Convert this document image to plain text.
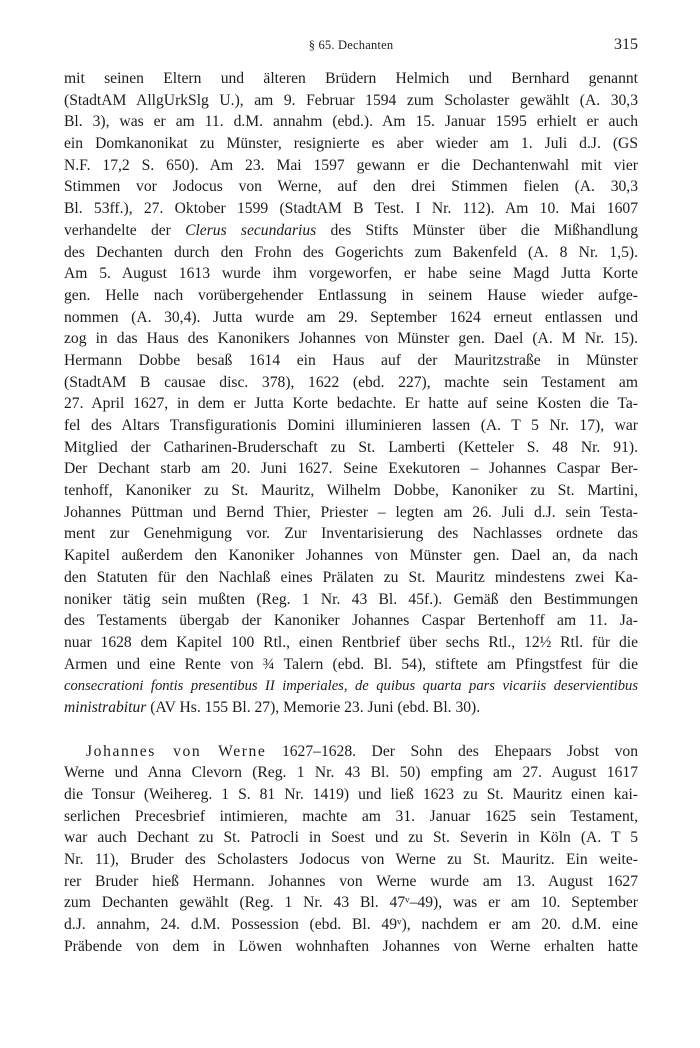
§ 65. Dechanten	315
mit seinen Eltern und älteren Brüdern Helmich und Bernhard genannt
(StadtAM AllgUrkSlg U.), am 9. Februar 1594 zum Scholaster gewählt (A. 30,3
Bl. 3), was er am 11. d.M. annahm (ebd.). Am 15. Januar 1595 erhielt er auch
ein Domkanonikat zu Münster, resignierte es aber wieder am 1. Juli d.J. (GS
N.F. 17,2 S. 650). Am 23. Mai 1597 gewann er die Dechantenwahl mit vier
Stimmen vor Jodocus von Werne, auf den drei Stimmen fielen (A. 30,3
Bl. 53ff.), 27. Oktober 1599 (StadtAM B Test. I Nr. 112). Am 10. Mai 1607
verhandelte der Clerus secundarius des Stifts Münster über die Mißhandlung
des Dechanten durch den Frohn des Gogerichts zum Bakenfeld (A. 8 Nr. 1,5).
Am 5. August 1613 wurde ihm vorgeworfen, er habe seine Magd Jutta Korte
gen. Helle nach vorübergehender Entlassung in seinem Hause wieder aufge-
nommen (A. 30,4). Jutta wurde am 29. September 1624 erneut entlassen und
zog in das Haus des Kanonikers Johannes von Münster gen. Dael (A. M Nr. 15).
Hermann Dobbe besaß 1614 ein Haus auf der Mauritzstraße in Münster
(StadtAM B causae disc. 378), 1622 (ebd. 227), machte sein Testament am
27. April 1627, in dem er Jutta Korte bedachte. Er hatte auf seine Kosten die Ta-
fel des Altars Transfigurationis Domini illuminieren lassen (A. T 5 Nr. 17), war
Mitglied der Catharinen-Bruderschaft zu St. Lamberti (Ketteler S. 48 Nr. 91).
Der Dechant starb am 20. Juni 1627. Seine Exekutoren – Johannes Caspar Ber-
tenhoff, Kanoniker zu St. Mauritz, Wilhelm Dobbe, Kanoniker zu St. Martini,
Johannes Püttman und Bernd Thier, Priester – legten am 26. Juli d.J. sein Testa-
ment zur Genehmigung vor. Zur Inventarisierung des Nachlasses ordnete das
Kapitel außerdem den Kanoniker Johannes von Münster gen. Dael an, da nach
den Statuten für den Nachlaß eines Prälaten zu St. Mauritz mindestens zwei Ka-
noniker tätig sein mußten (Reg. 1 Nr. 43 Bl. 45f.). Gemäß den Bestimmungen
des Testaments übergab der Kanoniker Johannes Caspar Bertenhoff am 11. Ja-
nuar 1628 dem Kapitel 100 Rtl., einen Rentbrief über sechs Rtl., 12½ Rtl. für die
Armen und eine Rente von ¾ Talern (ebd. Bl. 54), stiftete am Pfingstfest für die
consecrationi fontis presentibus II imperiales, de quibus quarta pars vicariis deservientibus
ministrabitur (AV Hs. 155 Bl. 27), Memorie 23. Juni (ebd. Bl. 30).
Johannes von Werne 1627–1628. Der Sohn des Ehepaars Jobst von
Werne und Anna Clevorn (Reg. 1 Nr. 43 Bl. 50) empfing am 27. August 1617
die Tonsur (Weihereg. 1 S. 81 Nr. 1419) und ließ 1623 zu St. Mauritz einen kai-
serlichen Precesbrief intimieren, machte am 31. Januar 1625 sein Testament,
war auch Dechant zu St. Patrocli in Soest und zu St. Severin in Köln (A. T 5
Nr. 11), Bruder des Scholasters Jodocus von Werne zu St. Mauritz. Ein weite-
rer Bruder hieß Hermann. Johannes von Werne wurde am 13. August 1627
zum Dechanten gewählt (Reg. 1 Nr. 43 Bl. 47ᵛ–49), was er am 10. September
d.J. annahm, 24. d.M. Possession (ebd. Bl. 49ᵛ), nachdem er am 20. d.M. eine
Präbende von dem in Löwen wohnhaften Johannes von Werne erhalten hatte
